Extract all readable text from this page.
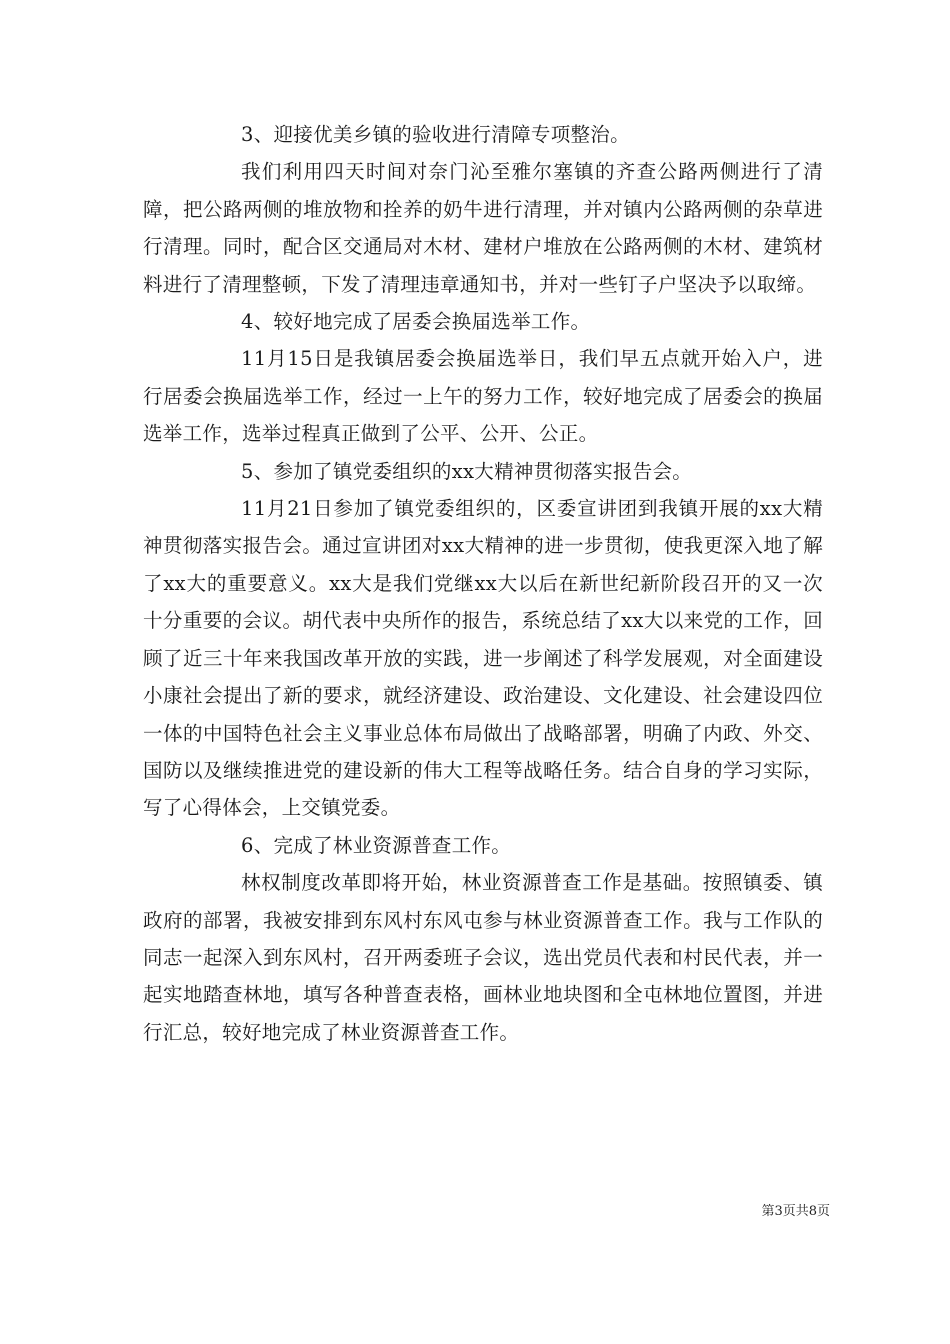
3、迎接优美乡镇的验收进行清障专项整治。

我们利用四天时间对奈门沁至雅尔塞镇的齐查公路两侧进行了清障，把公路两侧的堆放物和拴养的奶牛进行清理，并对镇内公路两侧的杂草进行清理。同时，配合区交通局对木材、建材户堆放在公路两侧的木材、建筑材料进行了清理整顿，下发了清理违章通知书，并对一些钉子户坚决予以取缔。

4、较好地完成了居委会换届选举工作。

11月15日是我镇居委会换届选举日，我们早五点就开始入户，进行居委会换届选举工作，经过一上午的努力工作，较好地完成了居委会的换届选举工作，选举过程真正做到了公平、公开、公正。

5、参加了镇党委组织的xx大精神贯彻落实报告会。

11月21日参加了镇党委组织的，区委宣讲团到我镇开展的xx大精神贯彻落实报告会。通过宣讲团对xx大精神的进一步贯彻，使我更深入地了解了xx大的重要意义。xx大是我们党继xx大以后在新世纪新阶段召开的又一次十分重要的会议。胡代表中央所作的报告，系统总结了xx大以来党的工作，回顾了近三十年来我国改革开放的实践，进一步阐述了科学发展观，对全面建设小康社会提出了新的要求，就经济建设、政治建设、文化建设、社会建设四位一体的中国特色社会主义事业总体布局做出了战略部署，明确了内政、外交、国防以及继续推进党的建设新的伟大工程等战略任务。结合自身的学习实际，写了心得体会，上交镇党委。

6、完成了林业资源普查工作。

林权制度改革即将开始，林业资源普查工作是基础。按照镇委、镇政府的部署，我被安排到东风村东风屯参与林业资源普查工作。我与工作队的同志一起深入到东风村，召开两委班子会议，选出党员代表和村民代表，并一起实地踏查林地，填写各种普查表格，画林业地块图和全屯林地位置图，并进行汇总，较好地完成了林业资源普查工作。

第3页共8页
